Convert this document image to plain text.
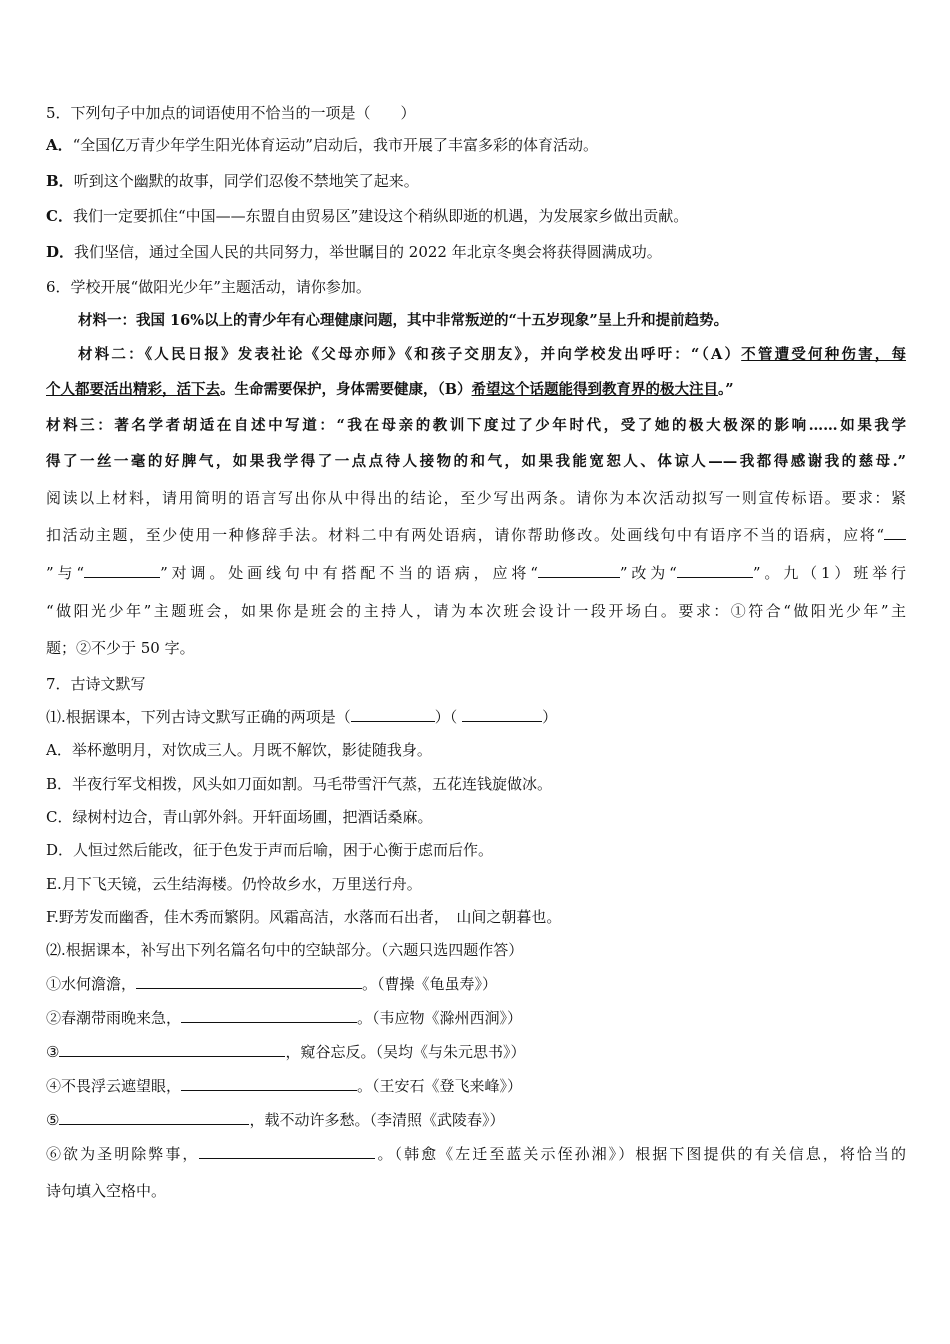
5．下列句子中加点的词语使用不恰当的一项是（　　）
A．“全国亿万青少年学生阳光体育运动”启动后，我市开展了丰富多彩的体育活动。
B．听到这个幽默的故事，同学们忍俊不禁地笑了起来。
C．我们一定要抓住“中国——东盟自由贸易区”建设这个稍纵即逝的机遇，为发展家乡做出贡献。
D．我们坚信，通过全国人民的共同努力，举世瞩目的 2022 年北京冬奥会将获得圆满成功。
6．学校开展“做阳光少年”主题活动，请你参加。
材料一：我国 16%以上的青少年有心理健康问题，其中非常叛逆的“十五岁现象”呈上升和提前趋势。
材料二：《人民日报》发表社论《父母亦师》《和孩子交朋友》，并向学校发出呼吁：“（A）不管遭受何种伤害，每
个人都要活出精彩，活下去。生命需要保护，身体需要健康，（B）希望这个话题能得到教育界的极大注目。”
材料三：著名学者胡适在自述中写道：“我在母亲的教训下度过了少年时代，受了她的极大极深的影响……如果我学
得了一丝一毫的好脾气，如果我学得了一点点待人接物的和气，如果我能宽恕人、体谅人——我都得感谢我的慈母.”
阅读以上材料，请用简明的语言写出你从中得出的结论，至少写出两条。请你为本次活动拟写一则宣传标语。要求：紧
扣活动主题，至少使用一种修辞手法。材料二中有两处语病，请你帮助修改。处画线句中有语序不当的语病，应将“
”与“	”对调。处画线句中有搭配不当的语病，应将“	”改为“	”。九（1）班举行
“做阳光少年”主题班会，如果你是班会的主持人，请为本次班会设计一段开场白。要求：①符合“做阳光少年”主
题；②不少于 50 字。
7．古诗文默写
⑴.根据课本，下列古诗文默写正确的两项是（	）（	）
A．举杯邀明月，对饮成三人。月既不解饮，影徒随我身。
B．半夜行军戈相拨，风头如刀面如割。马毛带雪汗气蒸，五花连钱旋做冰。
C．绿树村边合，青山郭外斜。开轩面场圃，把酒话桑麻。
D．人恒过然后能改，征于色发于声而后喻，困于心衡于虑而后作。
E.月下飞天镜，云生结海楼。仍怜故乡水，万里送行舟。
F.野芳发而幽香，佳木秀而繁阴。风霜高洁，水落而石出者，　山间之朝暮也。
⑵.根据课本，补写出下列名篇名句中的空缺部分。（六题只选四题作答）
①水何澹澹，	。（曹操《龟虽寿》）
②春潮带雨晚来急，	。（韦应物《滁州西涧》）
③	，窥谷忘反。（吴均《与朱元思书》）
④不畏浮云遮望眼，	。（王安石《登飞来峰》）
⑤	，载不动许多愁。（李清照《武陵春》）
⑥欲为圣明除弊事，	。（韩愈《左迁至蓝关示侄孙湘》）根据下图提供的有关信息，将恰当的
诗句填入空格中。
